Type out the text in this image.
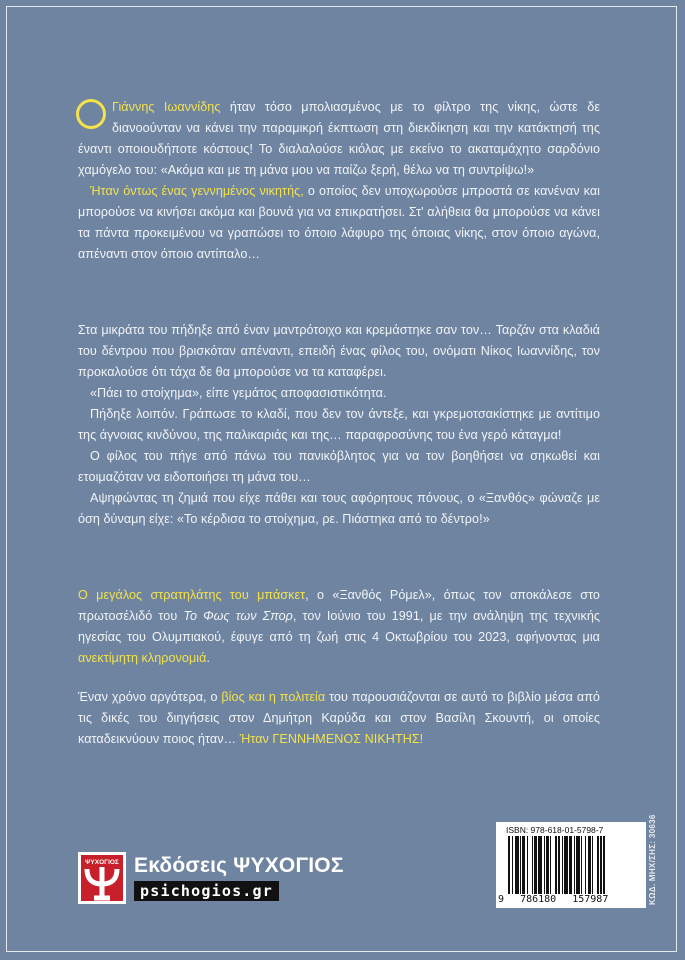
Γιάννης Ιωαννίδης ήταν τόσο μπολιασμένος με το φίλτρο της νίκης, ώστε δε διανοούνταν να κάνει την παραμικρή έκπτωση στη διεκδίκηση και την κατάκτησή της έναντι οποιουδήποτε κόστους! Το διαλαλούσε κιόλας με εκείνο το ακαταμάχητο σαρδόνιο χαμόγελο του: «Ακόμα και με τη μάνα μου να παίζω ξερή, θέλω να τη συντρίψω!»

Ήταν όντως ένας γεννημένος νικητής, ο οποίος δεν υποχωρούσε μπροστά σε κανέναν και μπορούσε να κινήσει ακόμα και βουνά για να επικρατήσει. Στ' αλήθεια θα μπορούσε να κάνει τα πάντα προκειμένου να γραπώσει το όποιο λάφυρο της όποιας νίκης, στον όποιο αγώνα, απέναντι στον όποιο αντίπαλο…

Στα μικράτα του πήδηξε από έναν μαντρότοιχο και κρεμάστηκε σαν τον… Ταρζάν στα κλαδιά του δέντρου που βρισκόταν απέναντι, επειδή ένας φίλος του, ονόματι Νίκος Ιωαννίδης, τον προκαλούσε ότι τάχα δε θα μπορούσε να τα καταφέρει.

«Πάει το στοίχημα», είπε γεμάτος αποφασιστικότητα.

Πήδηξε λοιπόν. Γράπωσε το κλαδί, που δεν τον άντεξε, και γκρεμοτσακίστηκε με αντίτιμο της άγνοιας κινδύνου, της παλικαριάς και της… παραφροσύνης του ένα γερό κάταγμα!

Ο φίλος του πήγε από πάνω του πανικόβλητος για να τον βοηθήσει να σηκωθεί και ετοιμαζόταν να ειδοποιήσει τη μάνα του…

Αψηφώντας τη ζημιά που είχε πάθει και τους αφόρητους πόνους, ο «Ξανθός» φώναζε με όση δύναμη είχε: «Το κέρδισα το στοίχημα, ρε. Πιάστηκα από το δέντρο!»

Ο μεγάλος στρατηλάτης του μπάσκετ, ο «Ξανθός Ρόμελ», όπως τον αποκάλεσε στο πρωτοσέλιδό του Το Φως των Σπορ, τον Ιούνιο του 1991, με την ανάληψη της τεχνικής ηγεσίας του Ολυμπιακού, έφυγε από τη ζωή στις 4 Οκτωβρίου του 2023, αφήνοντας μια ανεκτίμητη κληρονομιά.

Έναν χρόνο αργότερα, ο βίος και η πολιτεία του παρουσιάζονται σε αυτό το βιβλίο μέσα από τις δικές του διηγήσεις στον Δημήτρη Καρύδα και στον Βασίλη Σκουντή, οι οποίες καταδεικνύουν ποιος ήταν… Ήταν ΓΕΝΝΗΜΕΝΟΣ ΝΙΚΗΤΗΣ!

ΨΥΧΟΓΙΟΣ Εκδόσεις ΨΥΧΟΓΙΟΣ
psichogios.gr
ISBN: 978-618-01-5798-7
9 786180 157987	ΚΩΔ. ΜΗΧ/ΣΗΣ: 30636
